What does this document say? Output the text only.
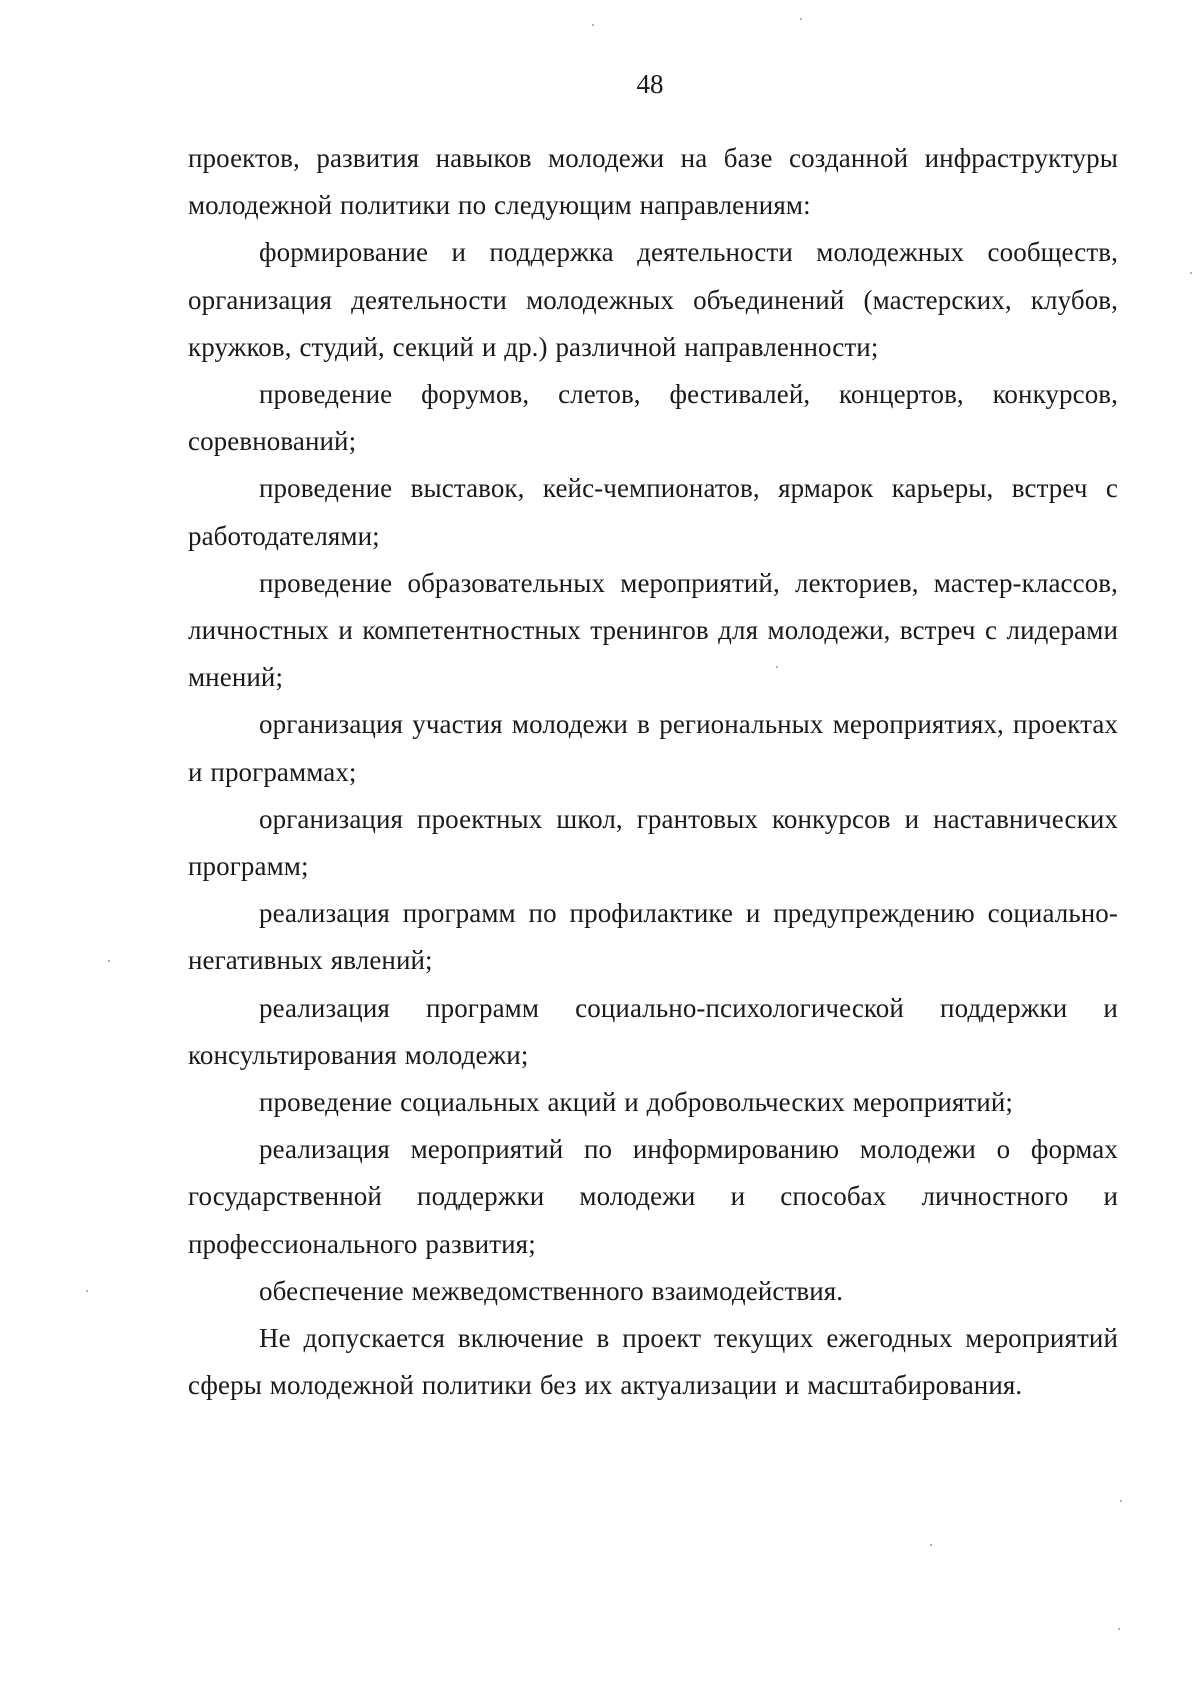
48

проектов, развития навыков молодежи на базе созданной инфраструктуры молодежной политики по следующим направлениям:

формирование и поддержка деятельности молодежных сообществ, организация деятельности молодежных объединений (мастерских, клубов, кружков, студий, секций и др.) различной направленности;

проведение форумов, слетов, фестивалей, концертов, конкурсов, соревнований;

проведение выставок, кейс-чемпионатов, ярмарок карьеры, встреч с работодателями;

проведение образовательных мероприятий, лекториев, мастер-классов, личностных и компетентностных тренингов для молодежи, встреч с лидерами мнений;

организация участия молодежи в региональных мероприятиях, проектах и программах;

организация проектных школ, грантовых конкурсов и наставнических программ;

реализация программ по профилактике и предупреждению социально-негативных явлений;

реализация программ социально-психологической поддержки и консультирования молодежи;

проведение социальных акций и добровольческих мероприятий;

реализация мероприятий по информированию молодежи о формах государственной поддержки молодежи и способах личностного и профессионального развития;

обеспечение межведомственного взаимодействия.

Не допускается включение в проект текущих ежегодных мероприятий сферы молодежной политики без их актуализации и масштабирования.
